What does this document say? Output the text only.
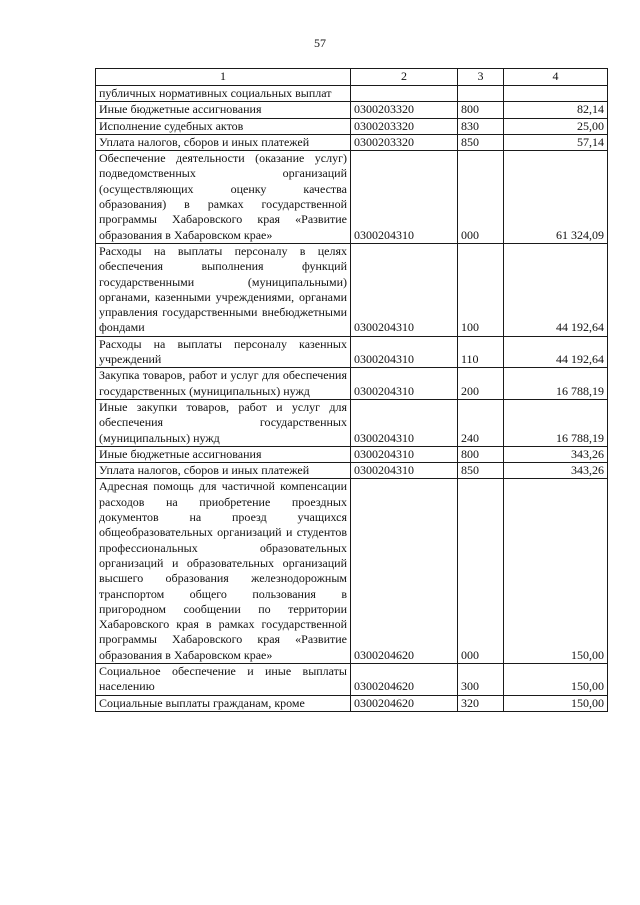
57
1	2	3	4
публичных нормативных социальных выплат			
Иные бюджетные ассигнования	0300203320	800	82,14
Исполнение судебных актов	0300203320	830	25,00
Уплата налогов, сборов и иных платежей	0300203320	850	57,14
Обеспечение деятельности (оказание услуг) подведомственных организаций (осуществляющих оценку качества образования) в рамках государственной программы Хабаровского края «Развитие образования в Хабаровском крае»	0300204310	000	61 324,09
Расходы на выплаты персоналу в целях обеспечения выполнения функций государственными (муниципальными) органами, казенными учреждениями, органами управления государственными внебюджетными фондами	0300204310	100	44 192,64
Расходы на выплаты персоналу казенных учреждений	0300204310	110	44 192,64
Закупка товаров, работ и услуг для обеспечения государственных (муниципальных) нужд	0300204310	200	16 788,19
Иные закупки товаров, работ и услуг для обеспечения государственных (муниципальных) нужд	0300204310	240	16 788,19
Иные бюджетные ассигнования	0300204310	800	343,26
Уплата налогов, сборов и иных платежей	0300204310	850	343,26
Адресная помощь для частичной компенсации расходов на приобретение проездных документов на проезд учащихся общеобразовательных организаций и студентов профессиональных образовательных организаций и образовательных организаций высшего образования железнодорожным транспортом общего пользования в пригородном сообщении по территории Хабаровского края в рамках государственной программы Хабаровского края «Развитие образования в Хабаровском крае»	0300204620	000	150,00
Социальное обеспечение и иные выплаты населению	0300204620	300	150,00
Социальные выплаты гражданам, кроме	0300204620	320	150,00
